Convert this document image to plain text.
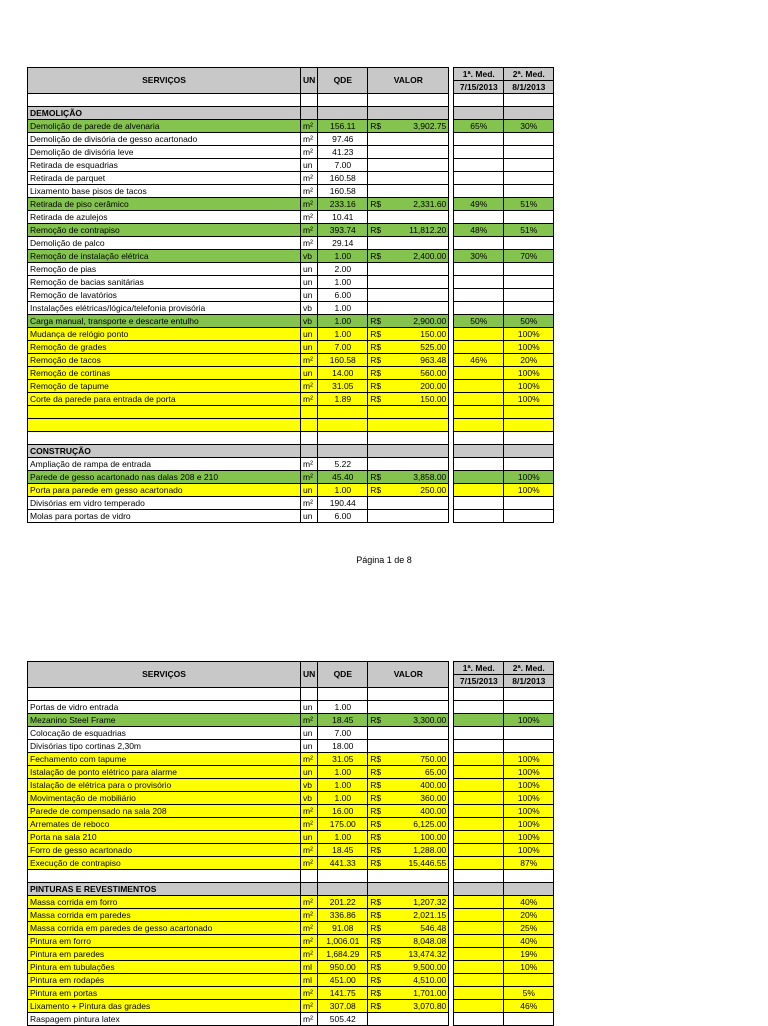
SERVIÇOS	UN	QDE	VALOR		1ª. Med.	2ª. Med.
					7/15/2013	8/1/2013

DEMOLIÇÃO			

Demolição de parede de alvenaria	m²	156.11	R$ 3,902.75		65%	30%
Demolição de divisória de gesso acartonado	m²	97.46	

Demolição de divisória leve	m²	41.23	

Retirada de esquadrias	un	7.00	

Retirada de parquet	m²	160.58	

Lixamento base pisos de tacos	m²	160.58	

Retirada de piso cerâmico	m²	233.16	R$ 2,331.60		49%	51%
Retirada de azulejos	m²	10.41	

Remoção de contrapiso	m²	393.74	R$ 11,812.20		48%	51%
Demolição de palco	m²	29.14	

Remoção de instalação elétrica	vb	1.00	R$ 2,400.00		30%	70%
Remoção de pias	un	2.00	

Remoção de bacias sanitárias	un	1.00	

Remoção de lavatórios	un	6.00	

Instalações elétricas/lógica/telefonia provisória	vb	1.00	

Carga manual, transporte e descarte entulho	vb	1.00	R$ 2,900.00		50%	50%
Mudança de relógio ponto	un	1.00	R$ 150.00			100%
Remoção de grades	un	7.00	R$ 525.00			100%
Remoção de tacos	m²	160.58	R$ 963.48		46%	20%
Remoção de cortinas	un	14.00	R$ 560.00			100%
Remoção de tapume	m²	31.05	R$ 200.00			100%
Corte da parede para entrada de porta	m²	1.89	R$ 150.00			100%

CONSTRUÇÃO			

Ampliação de rampa de entrada	m²	5.22	

Parede de gesso acartonado nas dalas 208 e 210	m²	45.40	R$ 3,858.00			100%
Porta para parede em gesso acartonado	un	1.00	R$ 250.00			100%
Divisórias em vidro temperado	m²	190.44	

Molas para portas de vidro	un	6.00	

Página 1 de 8
SERVIÇOS	UN	QDE	VALOR		1ª. Med.	2ª. Med.
					7/15/2013	8/1/2013

Portas de vidro entrada	un	1.00	

Mezanino Steel Frame	m²	18.45	R$ 3,300.00			100%
Colocação de esquadrias	un	7.00	

Divisórias tipo cortinas 2,30m	un	18.00	

Fechamento com tapume	m²	31.05	R$ 750.00			100%
Istalação de ponto elétrico para alarme	un	1.00	R$ 65.00			100%
Istalação de elétrica para o provisório	vb	1.00	R$ 400.00			100%
Movimentação de mobiliário	vb	1.00	R$ 360.00			100%
Parede de compensado na sala 208	m²	16.00	R$ 400.00			100%
Arremates de reboco	m²	175.00	R$ 6,125.00			100%
Porta na sala 210	un	1.00	R$ 100.00			100%
Forro de gesso acartonado	m²	18.45	R$ 1,288.00			100%
Execução de contrapiso	m²	441.33	R$ 15,446.55			87%

PINTURAS E REVESTIMENTOS			

Massa corrida em forro	m²	201.22	R$ 1,207.32			40%
Massa corrida em paredes	m²	336.86	R$ 2,021.15			20%
Massa corrida em paredes de gesso acartonado	m²	91.08	R$ 546.48			25%
Pintura em forro	m²	1,006.01	R$ 8,048.08			40%
Pintura em paredes	m²	1,684.29	R$ 13,474.32			19%
Pintura em tubulações	ml	950.00	R$ 9,500.00			10%
Pintura em rodapés	ml	451.00	R$ 4,510.00			

Pintura em portas	m²	141.75	R$ 1,701.00			5%
Lixamento + Pintura das grades	m²	307.08	R$ 3,070.80			46%
Raspagem pintura latex	m²	505.42	
